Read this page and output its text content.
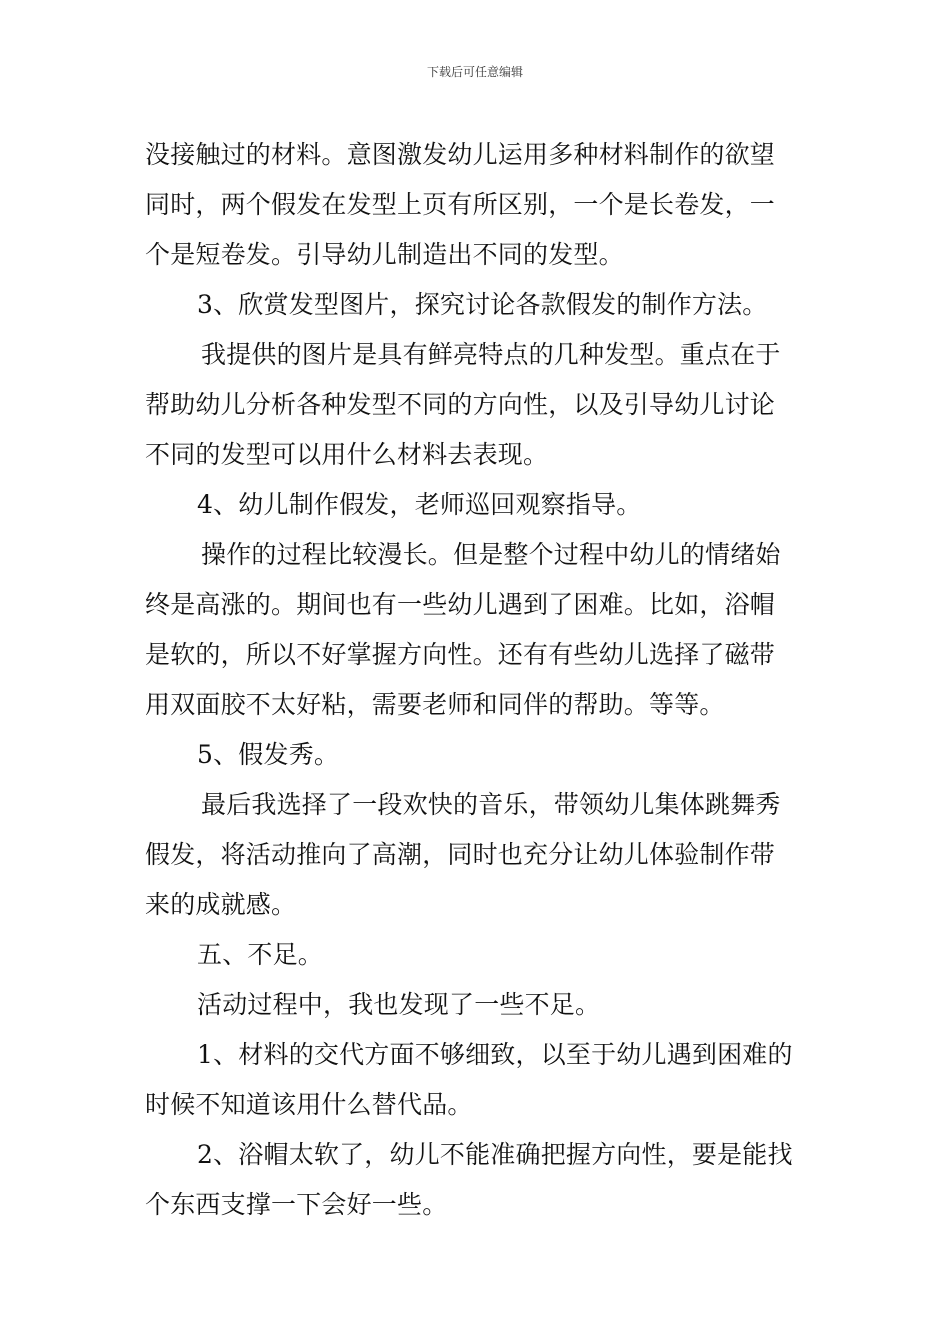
下载后可任意编辑
没接触过的材料。意图激发幼儿运用多种材料制作的欲望
同时，两个假发在发型上页有所区别，一个是长卷发，一
个是短卷发。引导幼儿制造出不同的发型。
3、欣赏发型图片，探究讨论各款假发的制作方法。
我提供的图片是具有鲜亮特点的几种发型。重点在于
帮助幼儿分析各种发型不同的方向性，以及引导幼儿讨论
不同的发型可以用什么材料去表现。
4、幼儿制作假发，老师巡回观察指导。
操作的过程比较漫长。但是整个过程中幼儿的情绪始
终是高涨的。期间也有一些幼儿遇到了困难。比如，浴帽
是软的，所以不好掌握方向性。还有有些幼儿选择了磁带
用双面胶不太好粘，需要老师和同伴的帮助。等等。
5、假发秀。
最后我选择了一段欢快的音乐，带领幼儿集体跳舞秀
假发，将活动推向了高潮，同时也充分让幼儿体验制作带
来的成就感。
五、不足。
活动过程中，我也发现了一些不足。
1、材料的交代方面不够细致，以至于幼儿遇到困难的
时候不知道该用什么替代品。
2、浴帽太软了，幼儿不能准确把握方向性，要是能找
个东西支撑一下会好一些。
